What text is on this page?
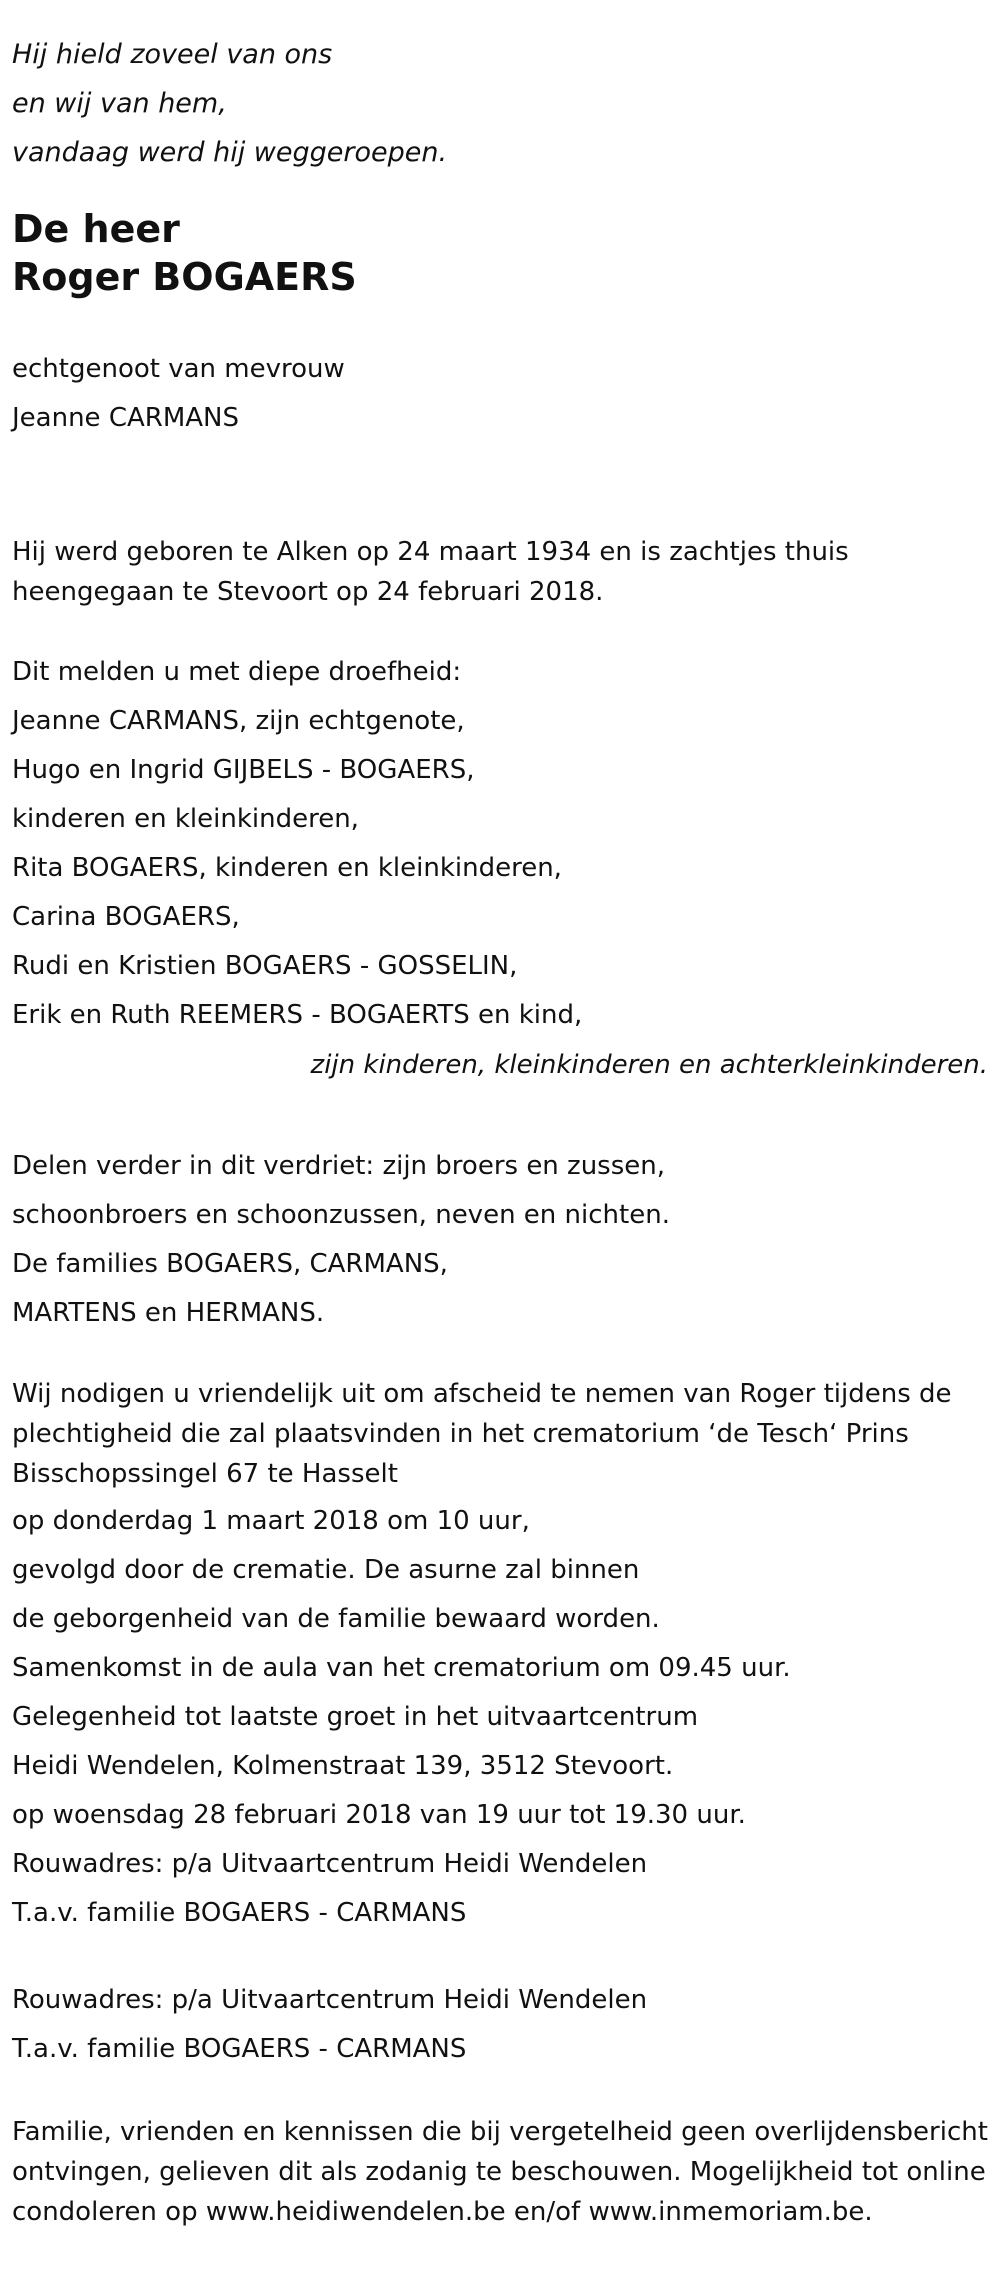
Hij hield zoveel van ons
en wij van hem,
vandaag werd hij weggeroepen.
De heer
Roger BOGAERS
echtgenoot van mevrouw
Jeanne CARMANS
Hij werd geboren te Alken op 24 maart 1934 en is zachtjes thuis heengegaan te Stevoort op 24 februari 2018.
Dit melden u met diepe droefheid:
Jeanne CARMANS, zijn echtgenote,
Hugo en Ingrid GIJBELS - BOGAERS,
kinderen en kleinkinderen,
Rita BOGAERS, kinderen en kleinkinderen,
Carina BOGAERS,
Rudi en Kristien BOGAERS - GOSSELIN,
Erik en Ruth REEMERS - BOGAERTS en kind,
zijn kinderen, kleinkinderen en achterkleinkinderen.
Delen verder in dit verdriet: zijn broers en zussen,
schoonbroers en schoonzussen, neven en nichten.
De families BOGAERS, CARMANS,
MARTENS en HERMANS.
Wij nodigen u vriendelijk uit om afscheid te nemen van Roger tijdens de plechtigheid die zal plaatsvinden in het crematorium ‘de Tesch‘ Prins Bisschopssingel 67 te Hasselt
op donderdag 1 maart 2018 om 10 uur,
gevolgd door de crematie. De asurne zal binnen
de geborgenheid van de familie bewaard worden.
Samenkomst in de aula van het crematorium om 09.45 uur.
Gelegenheid tot laatste groet in het uitvaartcentrum
Heidi Wendelen, Kolmenstraat 139, 3512 Stevoort.
op woensdag 28 februari 2018 van 19 uur tot 19.30 uur.
Rouwadres: p/a Uitvaartcentrum Heidi Wendelen
T.a.v. familie BOGAERS - CARMANS
Rouwadres: p/a Uitvaartcentrum Heidi Wendelen
T.a.v. familie BOGAERS - CARMANS
Familie, vrienden en kennissen die bij vergetelheid geen overlijdensbericht ontvingen, gelieven dit als zodanig te beschouwen. Mogelijkheid tot online condoleren op www.heidiwendelen.be en/of www.inmemoriam.be.
